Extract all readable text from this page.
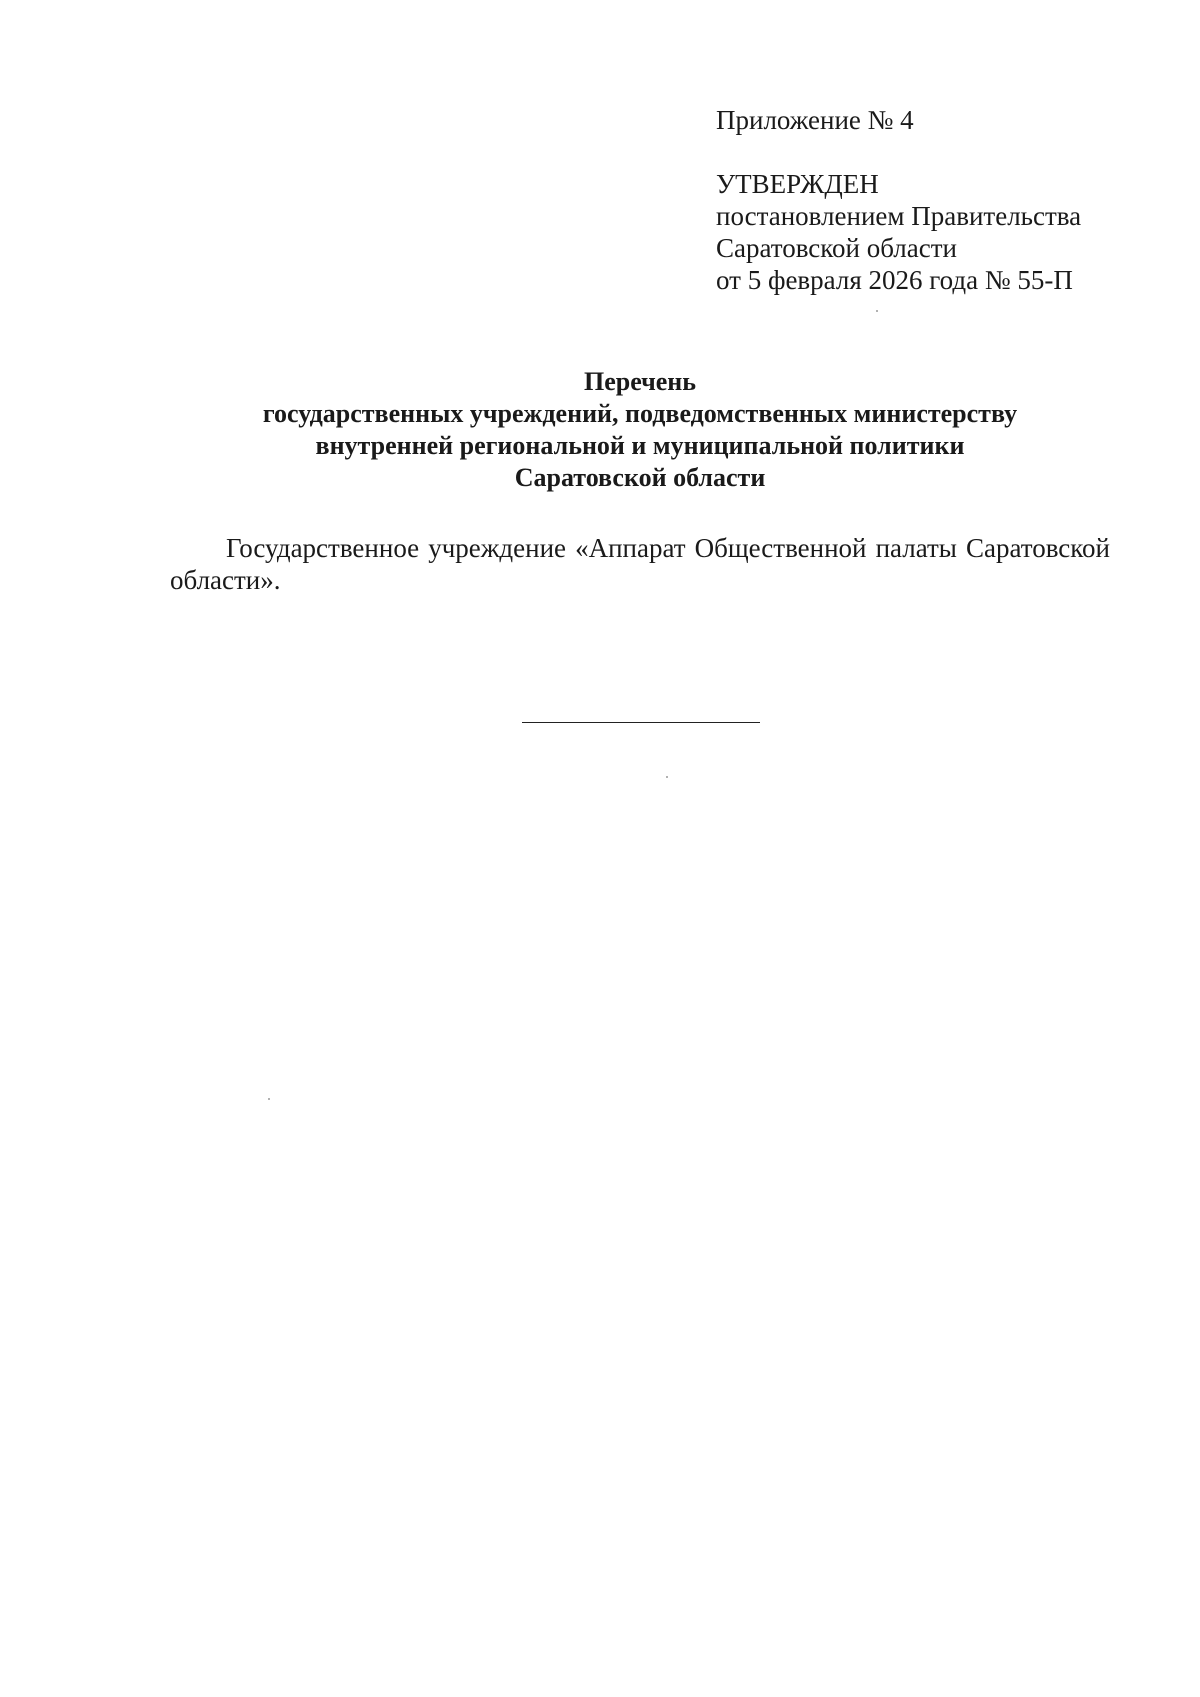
Приложение № 4

УТВЕРЖДЕН

постановлением Правительства

Саратовской области

от 5 февраля 2026 года № 55-П

Перечень

государственных учреждений, подведомственных министерству

внутренней региональной и муниципальной политики

Саратовской области

Государственное учреждение «Аппарат Общественной палаты Саратовской области».
